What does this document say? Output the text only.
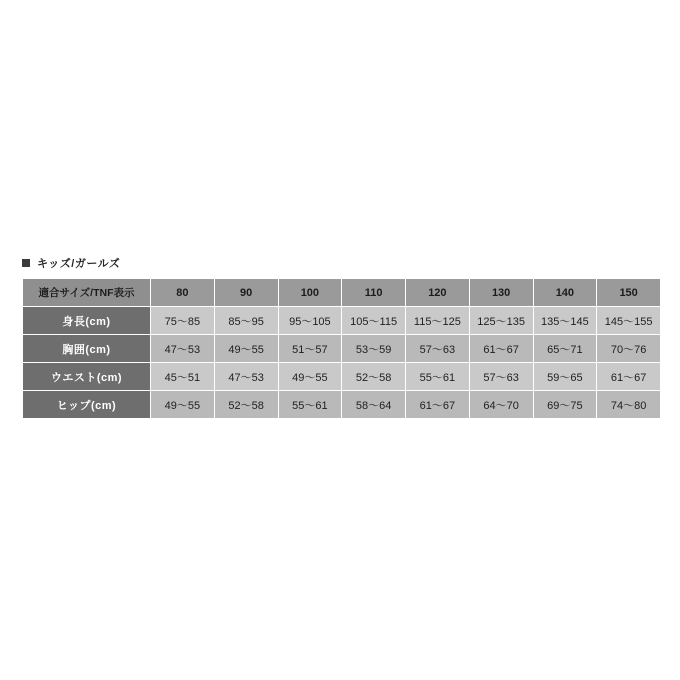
キッズ/ガールズ
適合サイズ/TNF表示	80	90	100	110	120	130	140	150
身長(cm)	75〜85	85〜95	95〜105	105〜115	115〜125	125〜135	135〜145	145〜155
胸囲(cm)	47〜53	49〜55	51〜57	53〜59	57〜63	61〜67	65〜71	70〜76
ウエスト(cm)	45〜51	47〜53	49〜55	52〜58	55〜61	57〜63	59〜65	61〜67
ヒップ(cm)	49〜55	52〜58	55〜61	58〜64	61〜67	64〜70	69〜75	74〜80
